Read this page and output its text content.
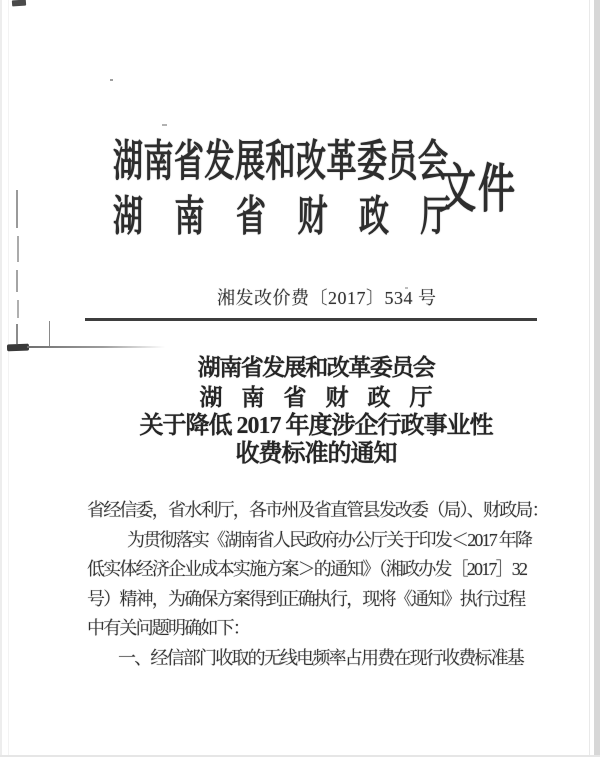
湖南省发展和改革委员会
湖南省财政厅
文件
湘发改价费〔2017〕534 号
湖南省发展和改革委员会
湖南省财政厅
关于降低 2017 年度涉企行政事业性
收费标准的通知
省经信委，省水利厅，各市州及省直管县发改委（局）、财政局：
为贯彻落实《湖南省人民政府办公厅关于印发＜2017 年降
低实体经济企业成本实施方案＞的通知》（湘政办发［2017］32
号）精神，为确保方案得到正确执行，现将《通知》执行过程
中有关问题明确如下：
一、经信部门收取的无线电频率占用费在现行收费标准基
